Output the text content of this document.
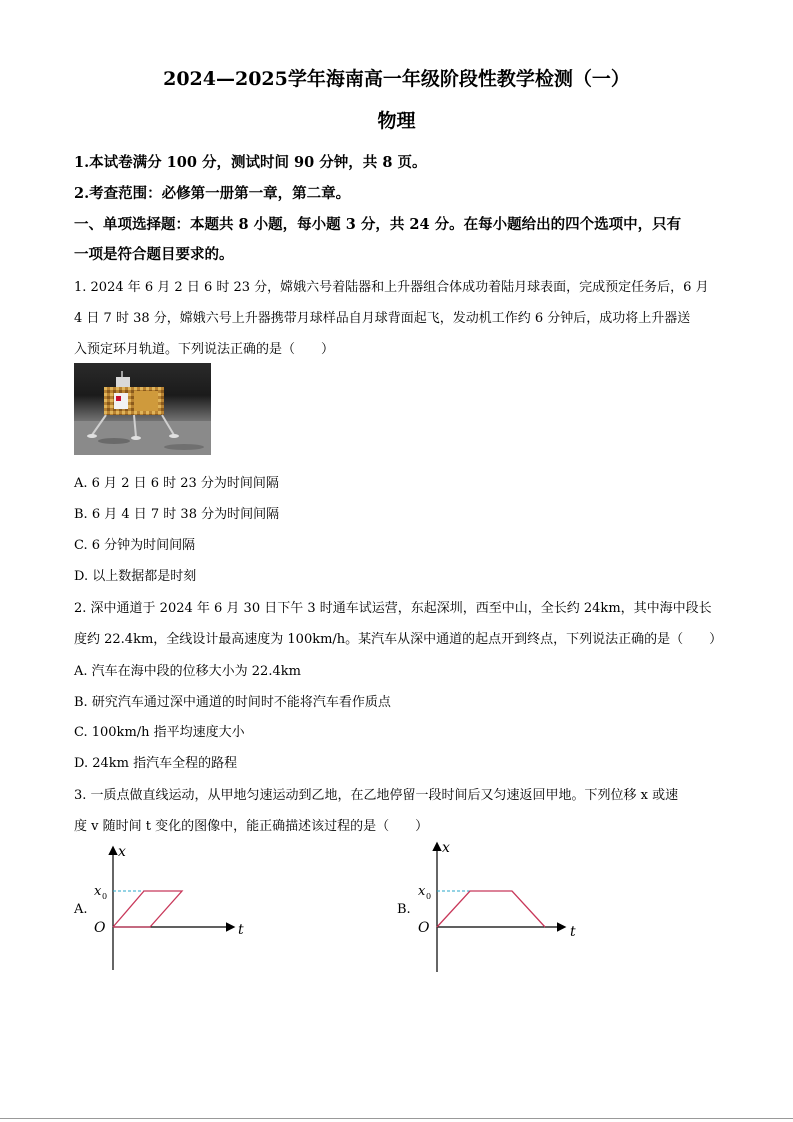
2024—2025学年海南高一年级阶段性教学检测（一）
物理
1.本试卷满分 100 分，测试时间 90 分钟，共 8 页。
2.考查范围：必修第一册第一章，第二章。
一、单项选择题：本题共 8 小题，每小题 3 分，共 24 分。在每小题给出的四个选项中，只有
一项是符合题目要求的。
1. 2024 年 6 月 2 日 6 时 23 分，嫦娥六号着陆器和上升器组合体成功着陆月球表面，完成预定任务后，6 月
4 日 7 时 38 分，嫦娥六号上升器携带月球样品自月球背面起飞，发动机工作约 6 分钟后，成功将上升器送
入预定环月轨道。下列说法正确的是（　　）
A. 6 月 2 日 6 时 23 分为时间间隔
B. 6 月 4 日 7 时 38 分为时间间隔
C. 6 分钟为时间间隔
D. 以上数据都是时刻
2. 深中通道于 2024 年 6 月 30 日下午 3 时通车试运营，东起深圳，西至中山，全长约 24km，其中海中段长
度约 22.4km，全线设计最高速度为 100km/h。某汽车从深中通道的起点开到终点，下列说法正确的是（　　）
A. 汽车在海中段的位移大小为 22.4km
B. 研究汽车通过深中通道的时间时不能将汽车看作质点
C. 100km/h 指平均速度大小
D. 24km 指汽车全程的路程
3. 一质点做直线运动，从甲地匀速运动到乙地，在乙地停留一段时间后又匀速返回甲地。下列位移 x 或速
度 v 随时间 t 变化的图像中，能正确描述该过程的是（　　）
A.
x
t
O
x 0
B.
x
t
O
x 0
